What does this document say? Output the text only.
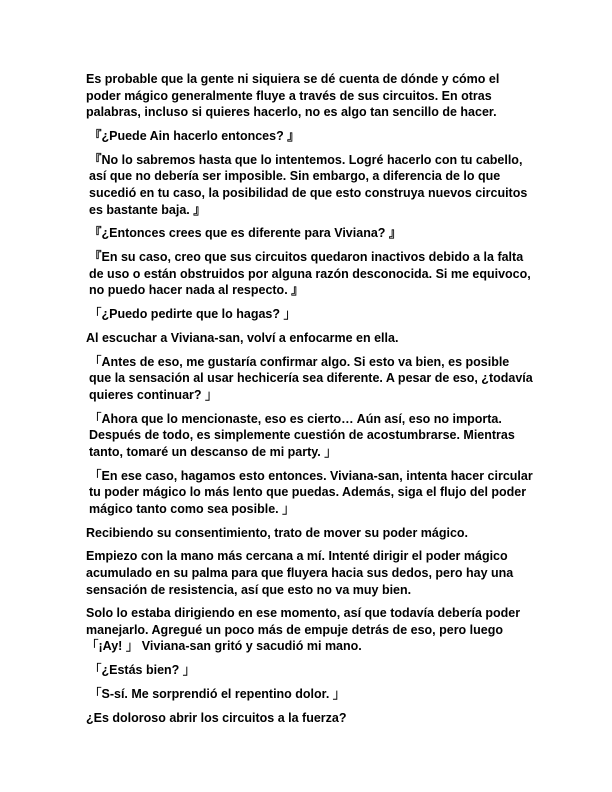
Es probable que la gente ni siquiera se dé cuenta de dónde y cómo el poder mágico generalmente fluye a través de sus circuitos. En otras palabras, incluso si quieres hacerlo, no es algo tan sencillo de hacer.

『¿Puede Ain hacerlo entonces? 』

『No lo sabremos hasta que lo intentemos. Logré hacerlo con tu cabello, así que no debería ser imposible. Sin embargo, a diferencia de lo que sucedió en tu caso, la posibilidad de que esto construya nuevos circuitos es bastante baja. 』

『¿Entonces crees que es diferente para Viviana? 』

『En su caso, creo que sus circuitos quedaron inactivos debido a la falta de uso o están obstruidos por alguna razón desconocida. Si me equivoco, no puedo hacer nada al respecto. 』

「¿Puedo pedirte que lo hagas? 」

Al escuchar a Viviana-san, volví a enfocarme en ella.

「Antes de eso, me gustaría confirmar algo. Si esto va bien, es posible que la sensación al usar hechicería sea diferente. A pesar de eso, ¿todavía quieres continuar? 」

「Ahora que lo mencionaste, eso es cierto… Aún así, eso no importa. Después de todo, es simplemente cuestión de acostumbrarse. Mientras tanto, tomaré un descanso de mi party. 」

「En ese caso, hagamos esto entonces. Viviana-san, intenta hacer circular tu poder mágico lo más lento que puedas. Además, siga el flujo del poder mágico tanto como sea posible. 」

Recibiendo su consentimiento, trato de mover su poder mágico.

Empiezo con la mano más cercana a mí. Intenté dirigir el poder mágico acumulado en su palma para que fluyera hacia sus dedos, pero hay una sensación de resistencia, así que esto no va muy bien.

Solo lo estaba dirigiendo en ese momento, así que todavía debería poder manejarlo. Agregué un poco más de empuje detrás de eso, pero luego「¡Ay! 」 Viviana-san gritó y sacudió mi mano.

「¿Estás bien? 」

「S-sí. Me sorprendió el repentino dolor. 」

¿Es doloroso abrir los circuitos a la fuerza?
